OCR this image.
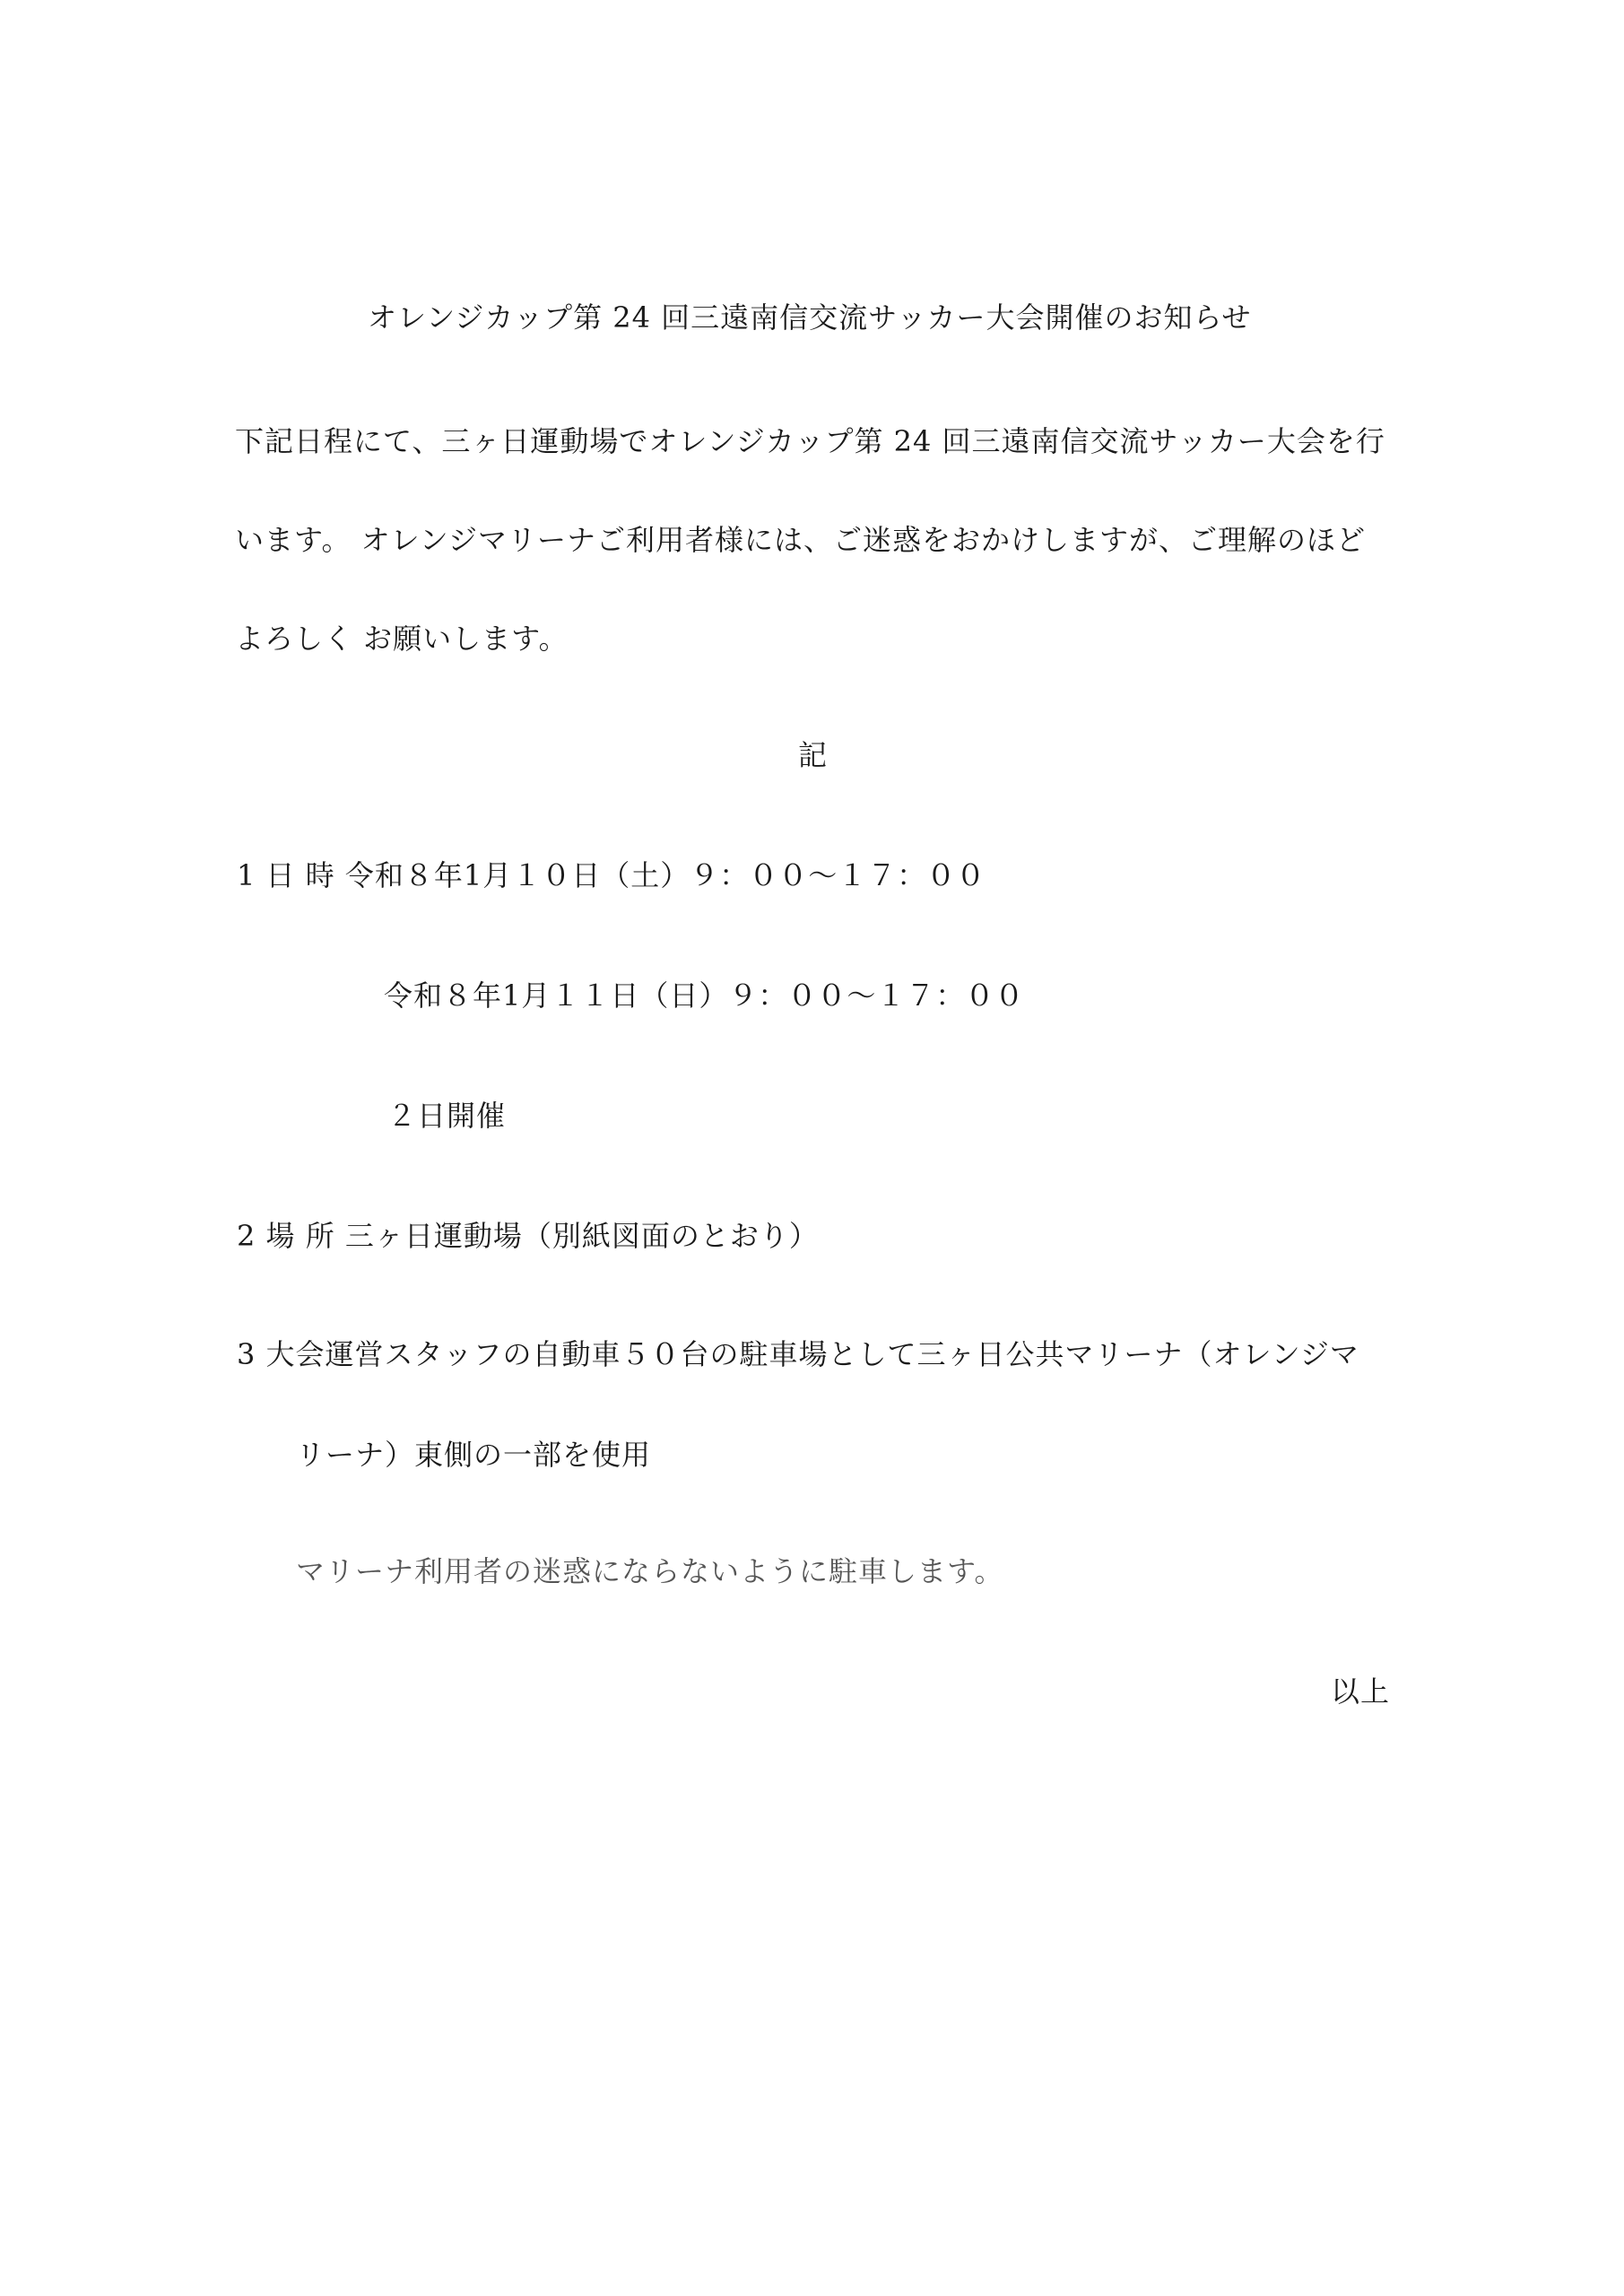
オレンジカップ第 24 回三遠南信交流サッカー大会開催のお知らせ
下記日程にて、三ヶ日運動場でオレンジカップ第 24 回三遠南信交流サッカー大会を行
います。 オレンジマリーナご利用者様には、ご迷惑をおかけしますが、ご理解のほど
よろしく お願いします。
記
1 日 時 令和８年1月１０日（土）９：００〜１７：００
令和８年1月１１日（日）９：００〜１７：００
２日開催
2 場 所 三ヶ日運動場（別紙図面のとおり）
3 大会運営スタッフの自動車５０台の駐車場として三ヶ日公共マリーナ（オレンジマ
リーナ）東側の一部を使用
マリーナ利用者の迷惑にならないように駐車します。
以上
